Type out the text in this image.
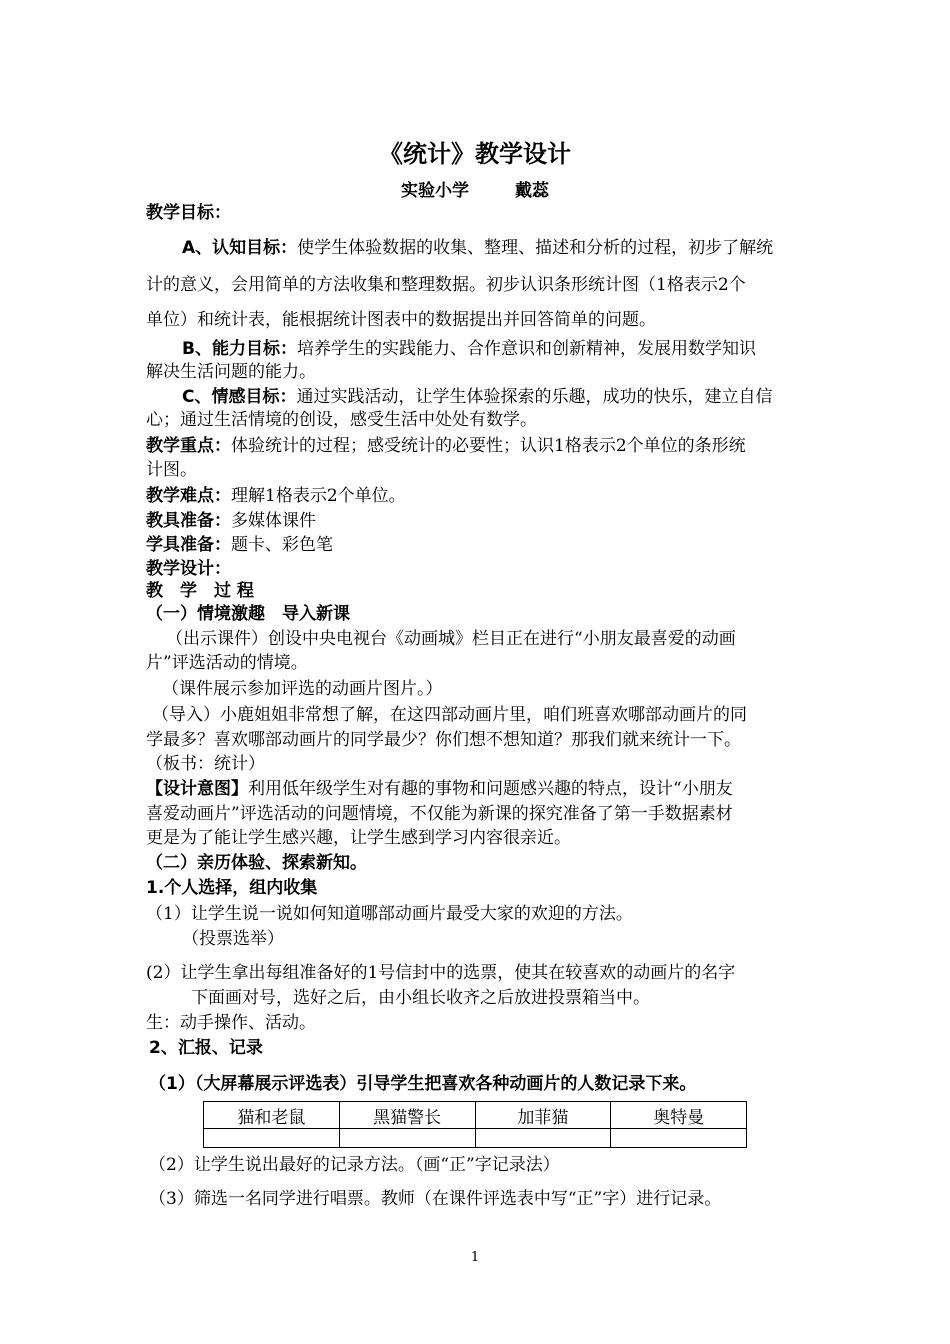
《统计》教学设计
实验小学	戴蕊
教学目标：
A、认知目标：使学生体验数据的收集、整理、描述和分析的过程，初步了解统
计的意义，会用简单的方法收集和整理数据。初步认识条形统计图（1格表示2个
单位）和统计表，能根据统计图表中的数据提出并回答简单的问题。
B、能力目标：培养学生的实践能力、合作意识和创新精神，发展用数学知识
解决生活问题的能力。
C、情感目标：通过实践活动，让学生体验探索的乐趣，成功的快乐，建立自信
心；通过生活情境的创设，感受生活中处处有数学。
教学重点：体验统计的过程；感受统计的必要性；认识1格表示2个单位的条形统
计图。
教学难点：理解1格表示2个单位。
教具准备：多媒体课件
学具准备：题卡、彩色笔
教学设计：
教　学　过 程
（一）情境激趣　导入新课
（出示课件）创设中央电视台《动画城》栏目正在进行“小朋友最喜爱的动画
片”评选活动的情境。
（课件展示参加评选的动画片图片。）
（导入）小鹿姐姐非常想了解，在这四部动画片里，咱们班喜欢哪部动画片的同
学最多？喜欢哪部动画片的同学最少？你们想不想知道？那我们就来统计一下。
（板书：统计）
【设计意图】利用低年级学生对有趣的事物和问题感兴趣的特点，设计“小朋友
喜爱动画片”评选活动的问题情境，不仅能为新课的探究准备了第一手数据素材
更是为了能让学生感兴趣，让学生感到学习内容很亲近。
（二）亲历体验、探索新知。
1.个人选择，组内收集
（1）让学生说一说如何知道哪部动画片最受大家的欢迎的方法。
（投票选举）
(2）让学生拿出每组准备好的1号信封中的选票，使其在较喜欢的动画片的名字
下面画对号，选好之后，由小组长收齐之后放进投票箱当中。
生：动手操作、活动。
2、汇报、记录
（1）（大屏幕展示评选表）引导学生把喜欢各种动画片的人数记录下来。
猫和老鼠	黑猫警长	加菲猫	奥特曼

（2）让学生说出最好的记录方法。（画“正”字记录法）
（3）筛选一名同学进行唱票。教师（在课件评选表中写“正”字）进行记录。
1
